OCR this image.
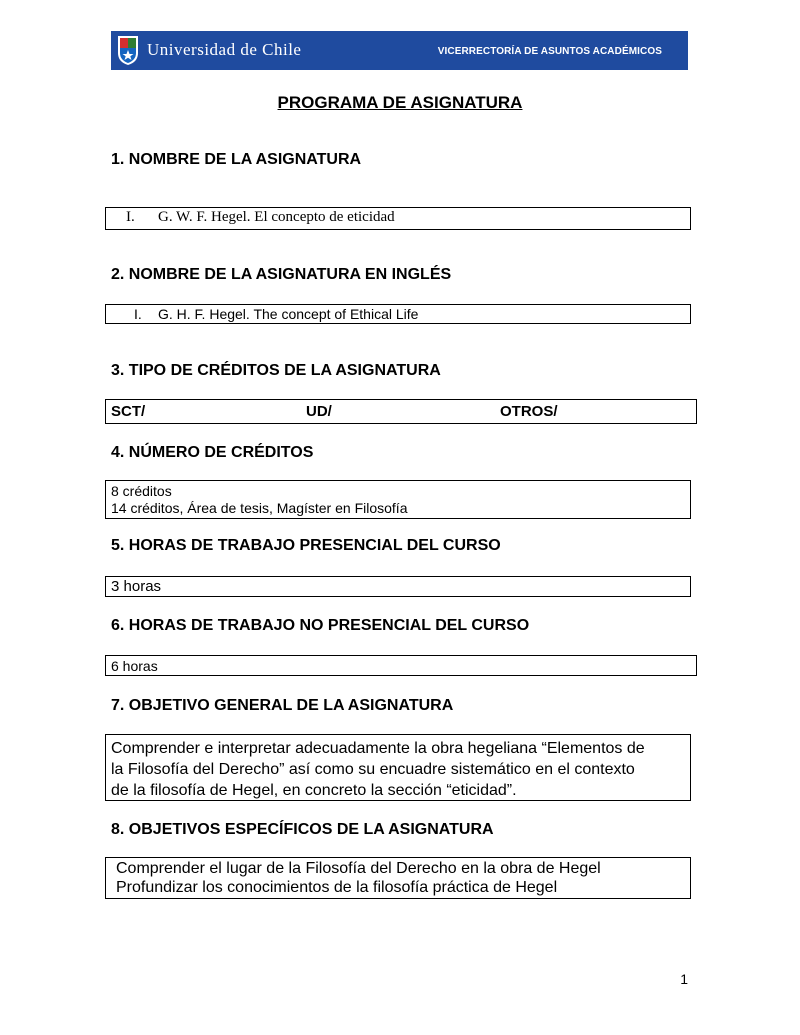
Universidad de Chile	VICERRECTORÍA DE ASUNTOS ACADÉMICOS
PROGRAMA DE ASIGNATURA
1. NOMBRE DE LA ASIGNATURA
I. G. W. F. Hegel. El concepto de eticidad
2. NOMBRE DE LA ASIGNATURA EN INGLÉS
I. G. H. F. Hegel. The concept of Ethical Life
3. TIPO DE CRÉDITOS DE LA ASIGNATURA
SCT/	UD/	OTROS/
4. NÚMERO DE CRÉDITOS
8 créditos
14 créditos, Área de tesis, Magíster en Filosofía
5. HORAS DE TRABAJO PRESENCIAL DEL CURSO
3 horas
6. HORAS DE TRABAJO NO PRESENCIAL DEL CURSO
6 horas
7. OBJETIVO GENERAL DE LA ASIGNATURA
Comprender e interpretar adecuadamente la obra hegeliana “Elementos de
la Filosofía del Derecho” así como su encuadre sistemático en el contexto
de la filosofía de Hegel, en concreto la sección “eticidad”.
8. OBJETIVOS ESPECÍFICOS DE LA ASIGNATURA
Comprender el lugar de la Filosofía del Derecho en la obra de Hegel
Profundizar los conocimientos de la filosofía práctica de Hegel
1
